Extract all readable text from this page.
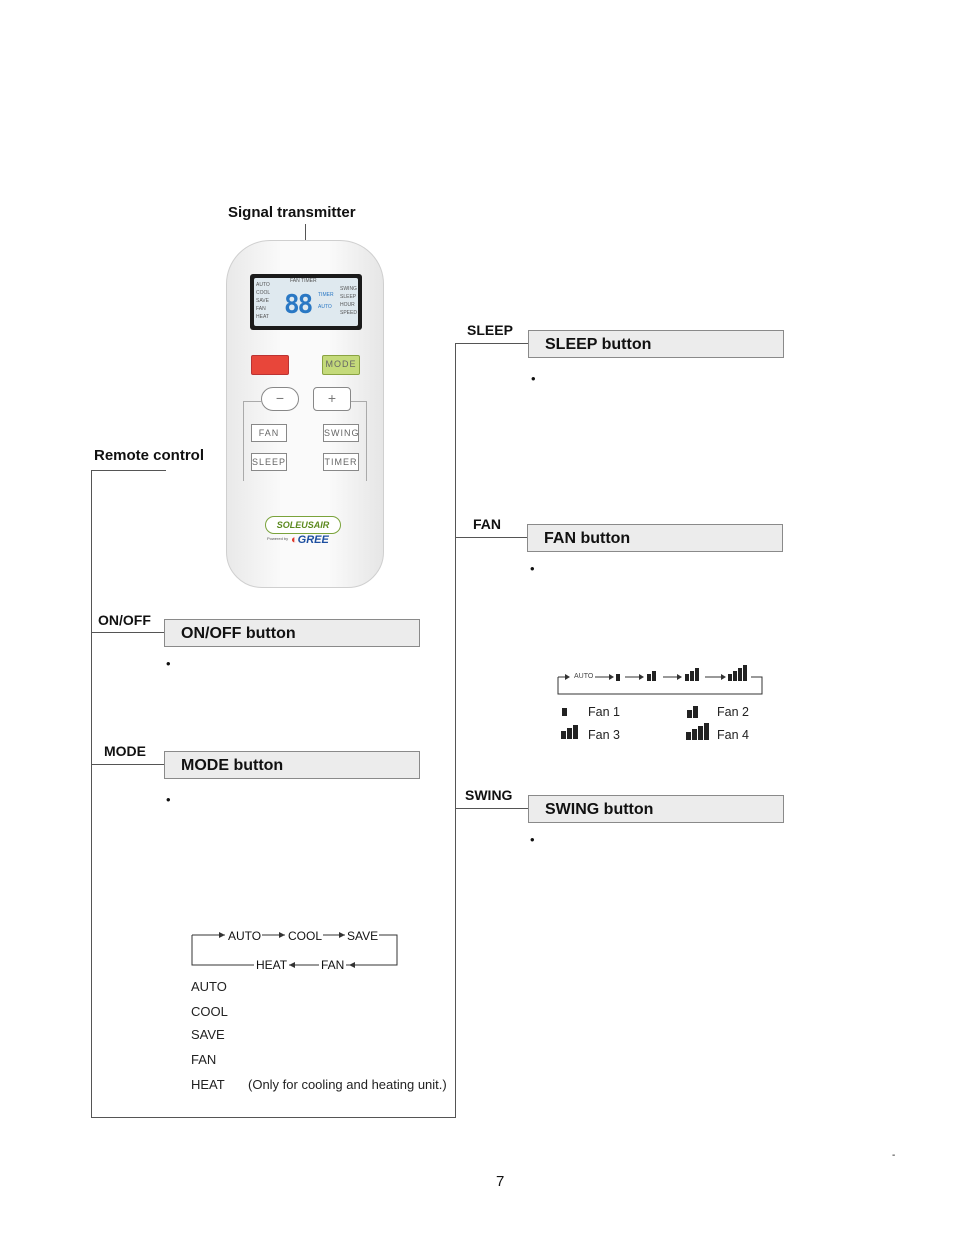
Signal transmitter
FAN TIMER
AUTO
COOL
SAVE
FAN
HEAT 88 TIMER
AUTO
SWING
SLEEP
HOUR
SPEED
MODE
−	+
FAN	SWING
SLEEP	TIMER
SOLEUSAIR
Powered by ◐GREE
Remote control
ON/OFF
ON/OFF button
•
MODE
MODE button
•
AUTO COOL SAVE
HEAT	FAN
AUTO
COOL
SAVE
FAN
HEAT (Only for cooling and heating unit.)
SLEEP
SLEEP button
•
FAN
FAN button
•
AUTO
Fan 1	Fan 2
Fan 3	Fan 4
SWING
SWING button
•
7
-
